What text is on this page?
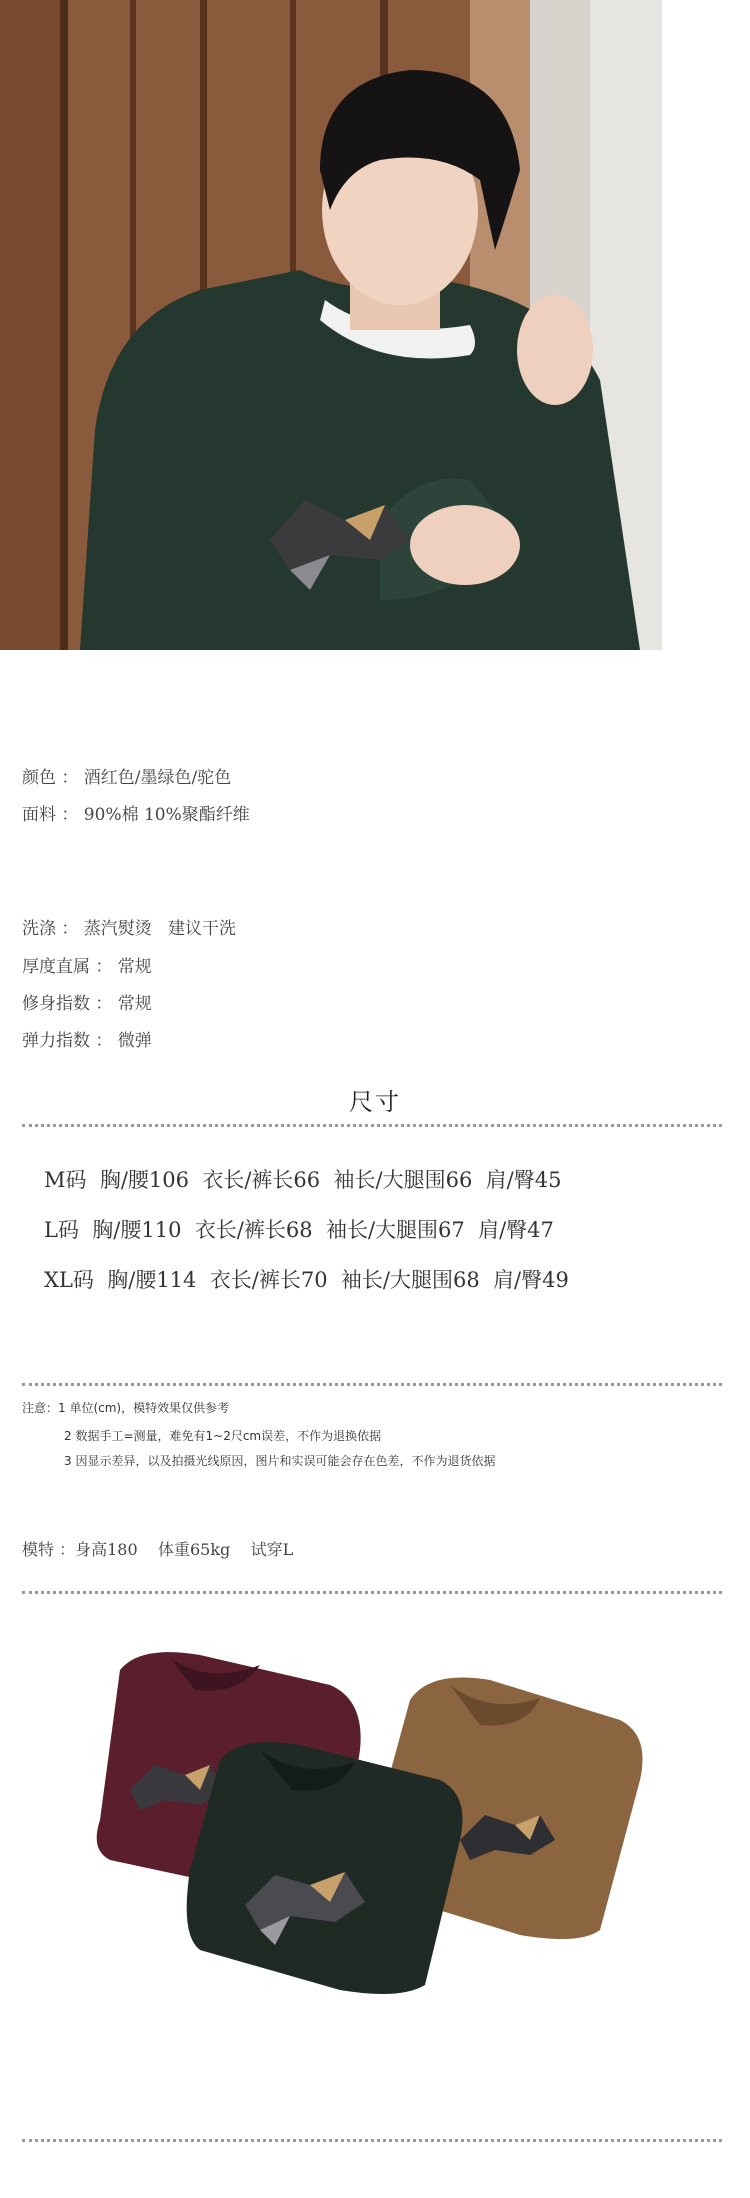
颜色 ： 酒红色/墨绿色/驼色
面料 ： 90%棉 10%聚酯纤维
洗涤 ： 蒸汽熨烫   建议干洗
厚度直属 ： 常规
修身指数 ： 常规
弹力指数 ： 微弹
尺寸
M码  胸/腰106  衣长/裤长66  袖长/大腿围66  肩/臀45
L码  胸/腰110  衣长/裤长68  袖长/大腿围67  肩/臀47
XL码  胸/腰114  衣长/裤长70  袖长/大腿围68  肩/臀49
注意：1 单位(cm)，模特效果仅供参考
2 数据手工=测量，难免有1~2尺cm误差，不作为退换依据
3 因显示差异，以及拍摄光线原因，图片和实误可能会存在色差，不作为退货依据
模特 ：身高180    体重65kg    试穿L
